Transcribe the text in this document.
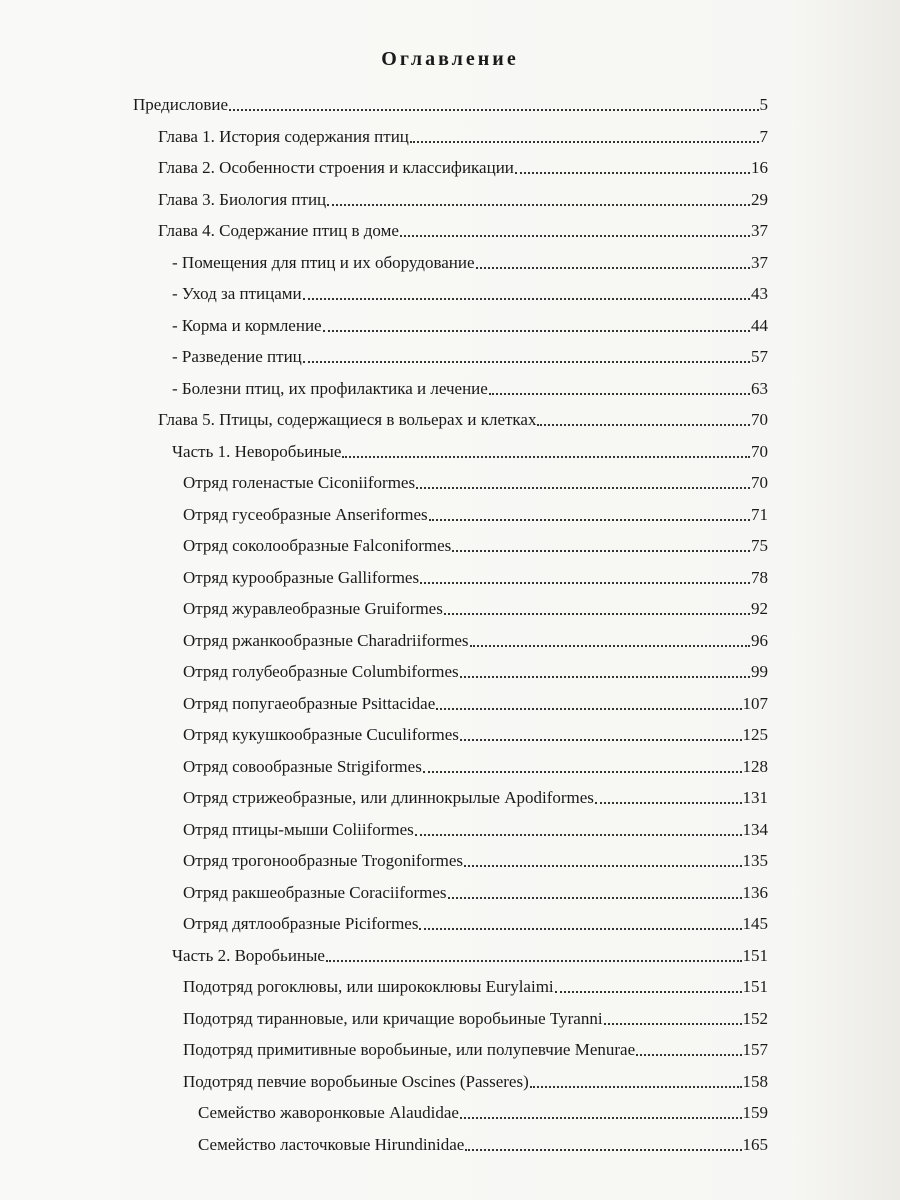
Оглавление
Предисловие	5
Глава 1. История содержания птиц	7
Глава 2. Особенности строения и классификации	16
Глава 3. Биология птиц	29
Глава 4. Содержание птиц в доме	37
- Помещения для птиц и их оборудование	37
- Уход за птицами	43
- Корма и кормление	44
- Разведение птиц	57
- Болезни птиц, их профилактика и лечение	63
Глава 5. Птицы, содержащиеся в вольерах и клетках	70
Часть 1. Неворобьиные	70
Отряд голенастые Ciconiiformes	70
Отряд гусеобразные Anseriformes	71
Отряд соколообразные Falconiformes	75
Отряд курообразные Galliformes	78
Отряд журавлеобразные Gruiformes	92
Отряд ржанкообразные Charadriiformes	96
Отряд голубеобразные Columbiformes	99
Отряд попугаеобразные Psittacidae	107
Отряд кукушкообразные Cuculiformes	125
Отряд совообразные Strigiformes	128
Отряд стрижеобразные, или длиннокрылые Apodiformes	131
Отряд птицы-мыши Coliiformes	134
Отряд трогонообразные Trogoniformes	135
Отряд ракшеобразные Coraciiformes	136
Отряд дятлообразные Piciformes	145
Часть 2. Воробьиные	151
Подотряд рогоклювы, или ширококлювы Eurylaimi	151
Подотряд тиранновые, или кричащие воробьиные Tyranni	152
Подотряд примитивные воробьиные, или полупевчие Menurae	157
Подотряд певчие воробьиные Oscines (Passeres)	158
Семейство жаворонковые Alaudidae	159
Семейство ласточковые Hirundinidae	165
